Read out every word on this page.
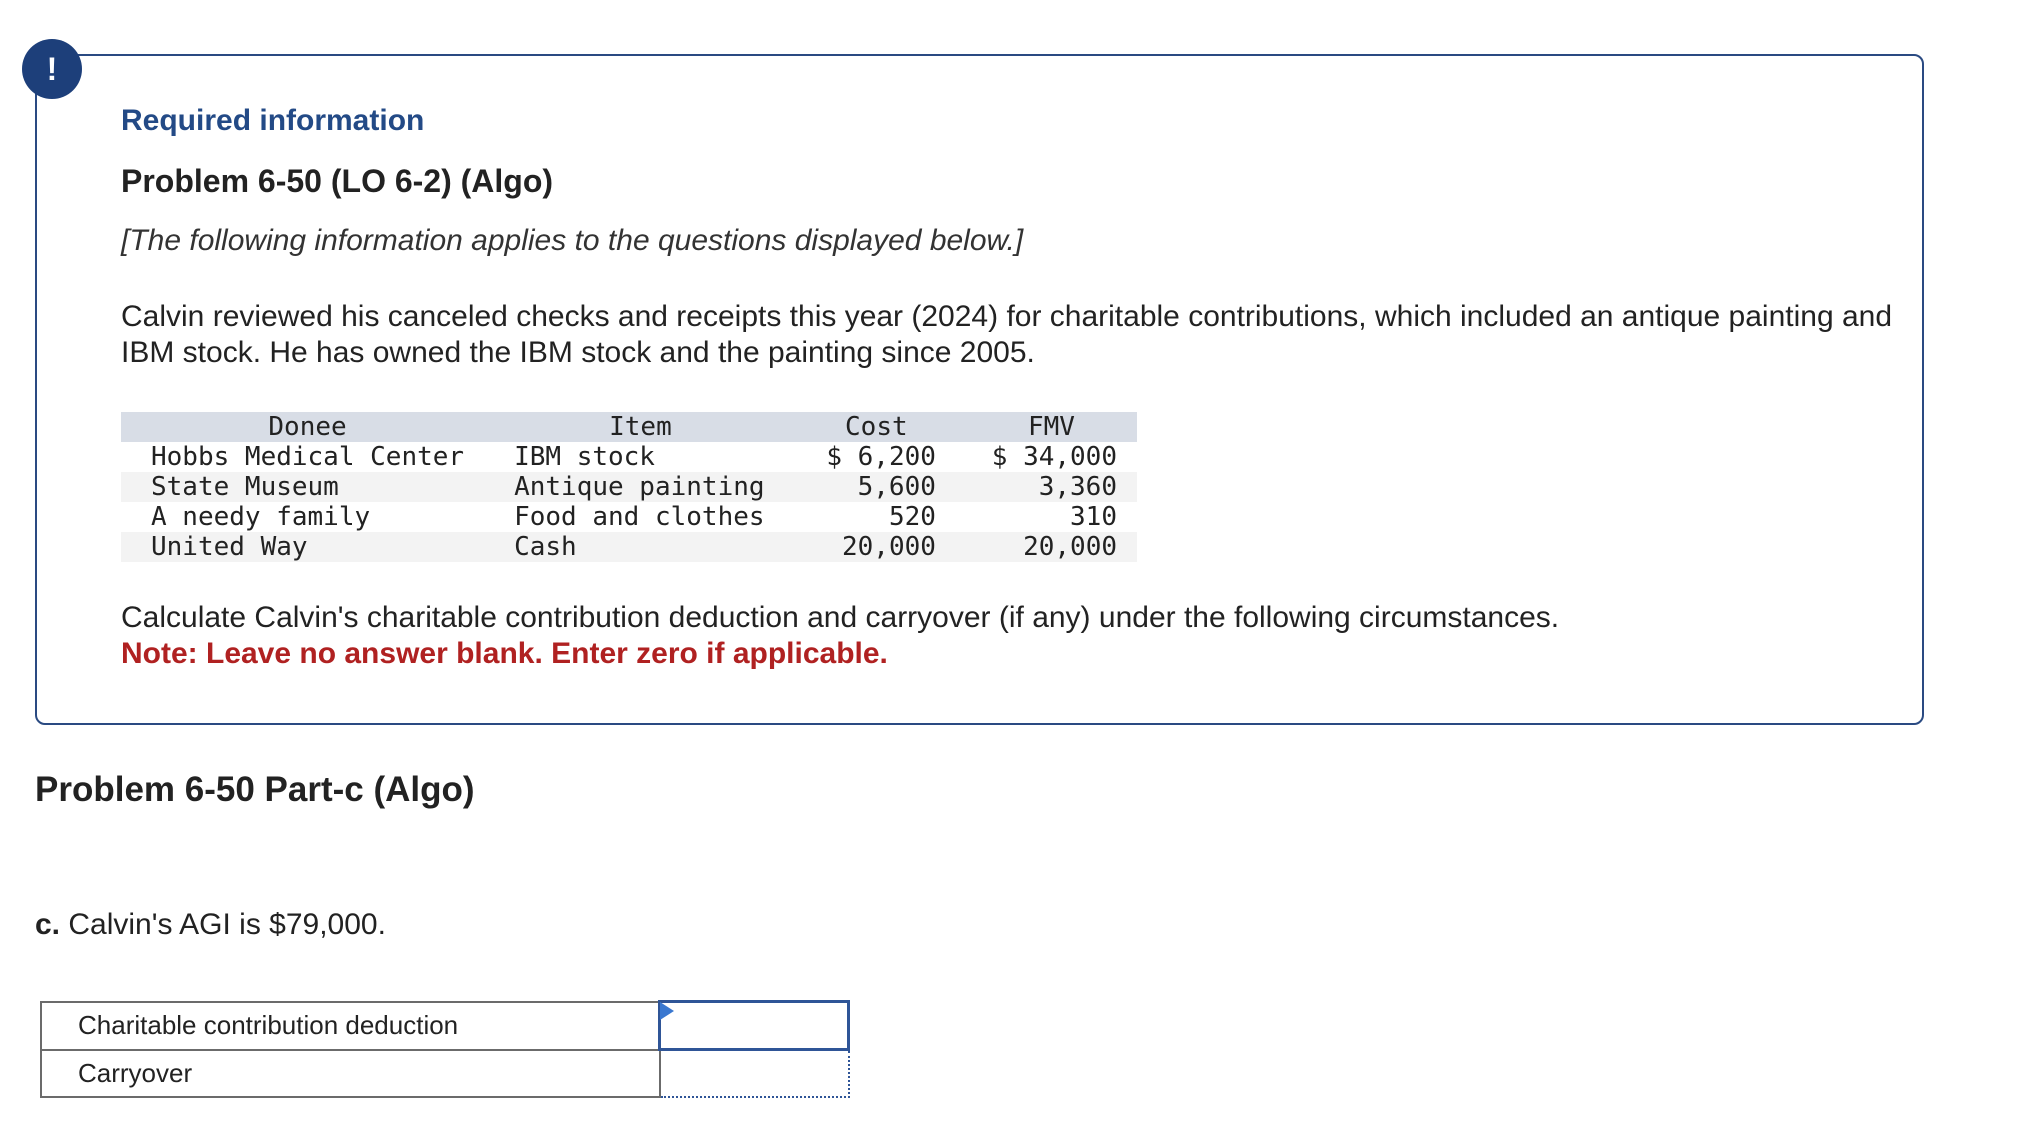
!
Required information
Problem 6-50 (LO 6-2) (Algo)
[The following information applies to the questions displayed below.]

Calvin reviewed his canceled checks and receipts this year (2024) for charitable contributions, which included an antique painting and IBM stock. He has owned the IBM stock and the painting since 2005.

Donee	Item	Cost	FMV
Hobbs Medical Center	IBM stock	$ 6,200	$ 34,000
State Museum	Antique painting	5,600	3,360
A needy family	Food and clothes	520	310
United Way	Cash	20,000	20,000

Calculate Calvin's charitable contribution deduction and carryover (if any) under the following circumstances.

Note: Leave no answer blank. Enter zero if applicable.
Problem 6-50 Part-c (Algo)
c. Calvin's AGI is $79,000.
Charitable contribution deduction	

Carryover	
